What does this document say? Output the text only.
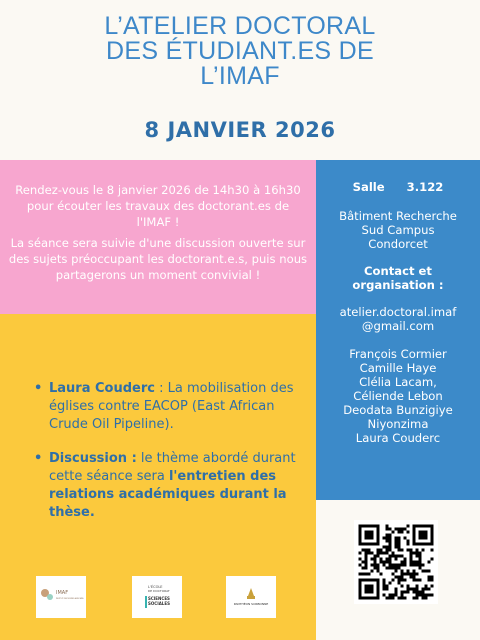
L’ATELIER DOCTORAL
DES ÉTUDIANT.ES DE
L’IMAF
8 JANVIER 2026

Rendez-vous le 8 janvier 2026 de 14h30 à 16h30 pour écouter les travaux des doctorant.es de l'IMAF !

La séance sera suivie d'une discussion ouverte sur des sujets préoccupant les doctorant.e.s, puis nous partagerons un moment convivial !

Salle 3.122
Bâtiment Recherche
Sud Campus
Condorcet
Contact et
organisation :
atelier.doctoral.imaf
@gmail.com
François Cormier
Camille Haye
Clélia Lacam,
Céliende Lebon
Deodata Bunzigiye
Niyonzima
Laura Couderc
• Laura Couderc : La mobilisation des églises contre EACOP (East African Crude Oil Pipeline).
• Discussion : le thème abordé durant cette séance sera l'entretien des relations académiques durant la thèse.
IMAF
INSTITUT DES MONDES AFRICAINS
L'ÉCOLE
DE DOCTORAT
SCIENCES
SOCIALES	PANTHÉON SORBONNE
